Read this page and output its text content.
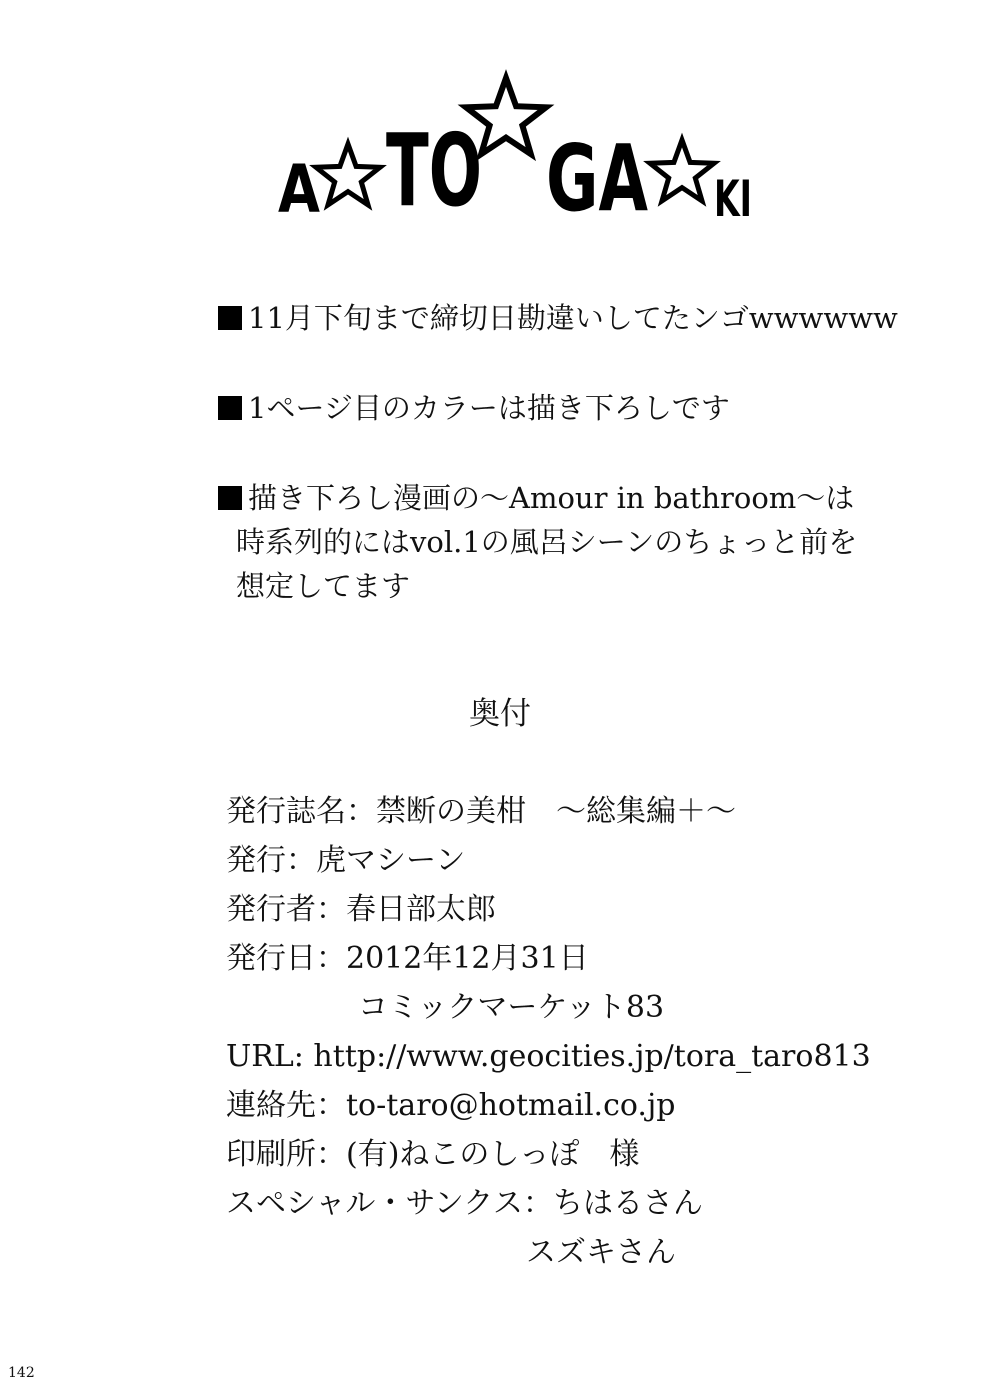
A TO GA KI
11月下旬まで締切日勘違いしてたンゴwwwwww
1ページ目のカラーは描き下ろしです
描き下ろし漫画の～Amour in bathroom～は
時系列的にはvol.1の風呂シーンのちょっと前を
想定してます
奥付
発行誌名：禁断の美柑　～総集編＋～
発行：虎マシーン
発行者：春日部太郎
発行日：2012年12月31日
コミックマーケット83
URL: http://www.geocities.jp/tora_taro813
連絡先：to-taro@hotmail.co.jp
印刷所：(有)ねこのしっぽ　様
スペシャル・サンクス：ちはるさん
スズキさん
142
